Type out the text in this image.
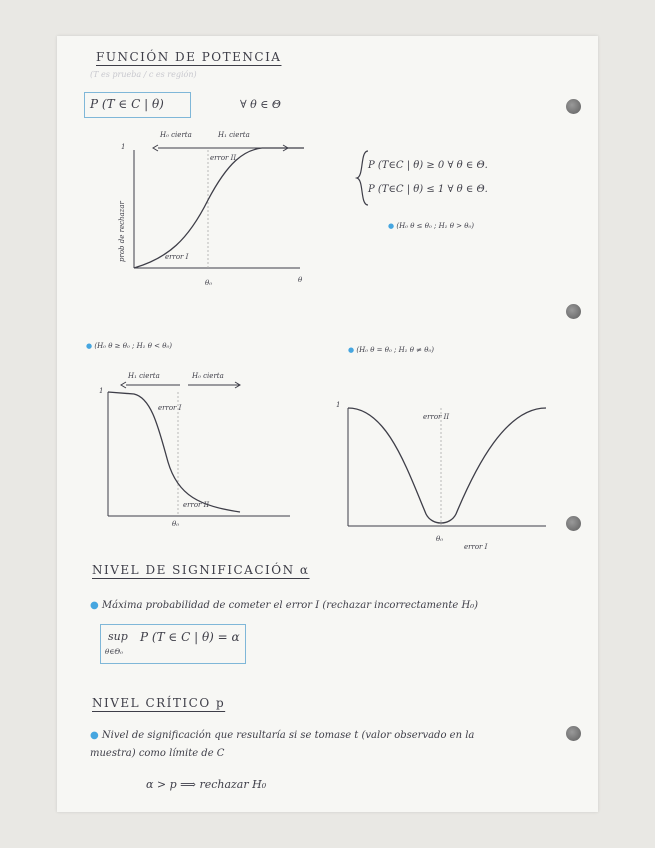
FUNCIÓN DE POTENCIA
(T es prueba / c es región)
P (T ∈ C | θ)	∀ θ ∈ Θ
P (T∈C | θ) ≥ 0 ∀ θ ∈ Θ.
P (T∈C | θ) ≤ 1 ∀ θ ∈ Θ.
● (H₀ θ ≤ θ₀ ; H₁ θ > θ₀)
H₀ cierta	H₁ cierta
1
prob de rechazar
error II
error I
θ₀	θ
● (H₀ θ ≥ θ₀ ; H₁ θ < θ₀)
H₁ cierta	H₀ cierta
1
error I
error II
θ₀
● (H₀ θ = θ₀ ; H₁ θ ≠ θ₀)
1
error II
θ₀
error I
NIVEL DE SIGNIFICACIÓN α
● Máxima probabilidad de cometer el error I (rechazar incorrectamente H₀)
sup
θ∈Θ₀
P (T ∈ C | θ) = α
NIVEL CRÍTICO p
● Nivel de significación que resultaría si se tomase t (valor observado en la
muestra) como límite de C
α > p ⟹ rechazar H₀
